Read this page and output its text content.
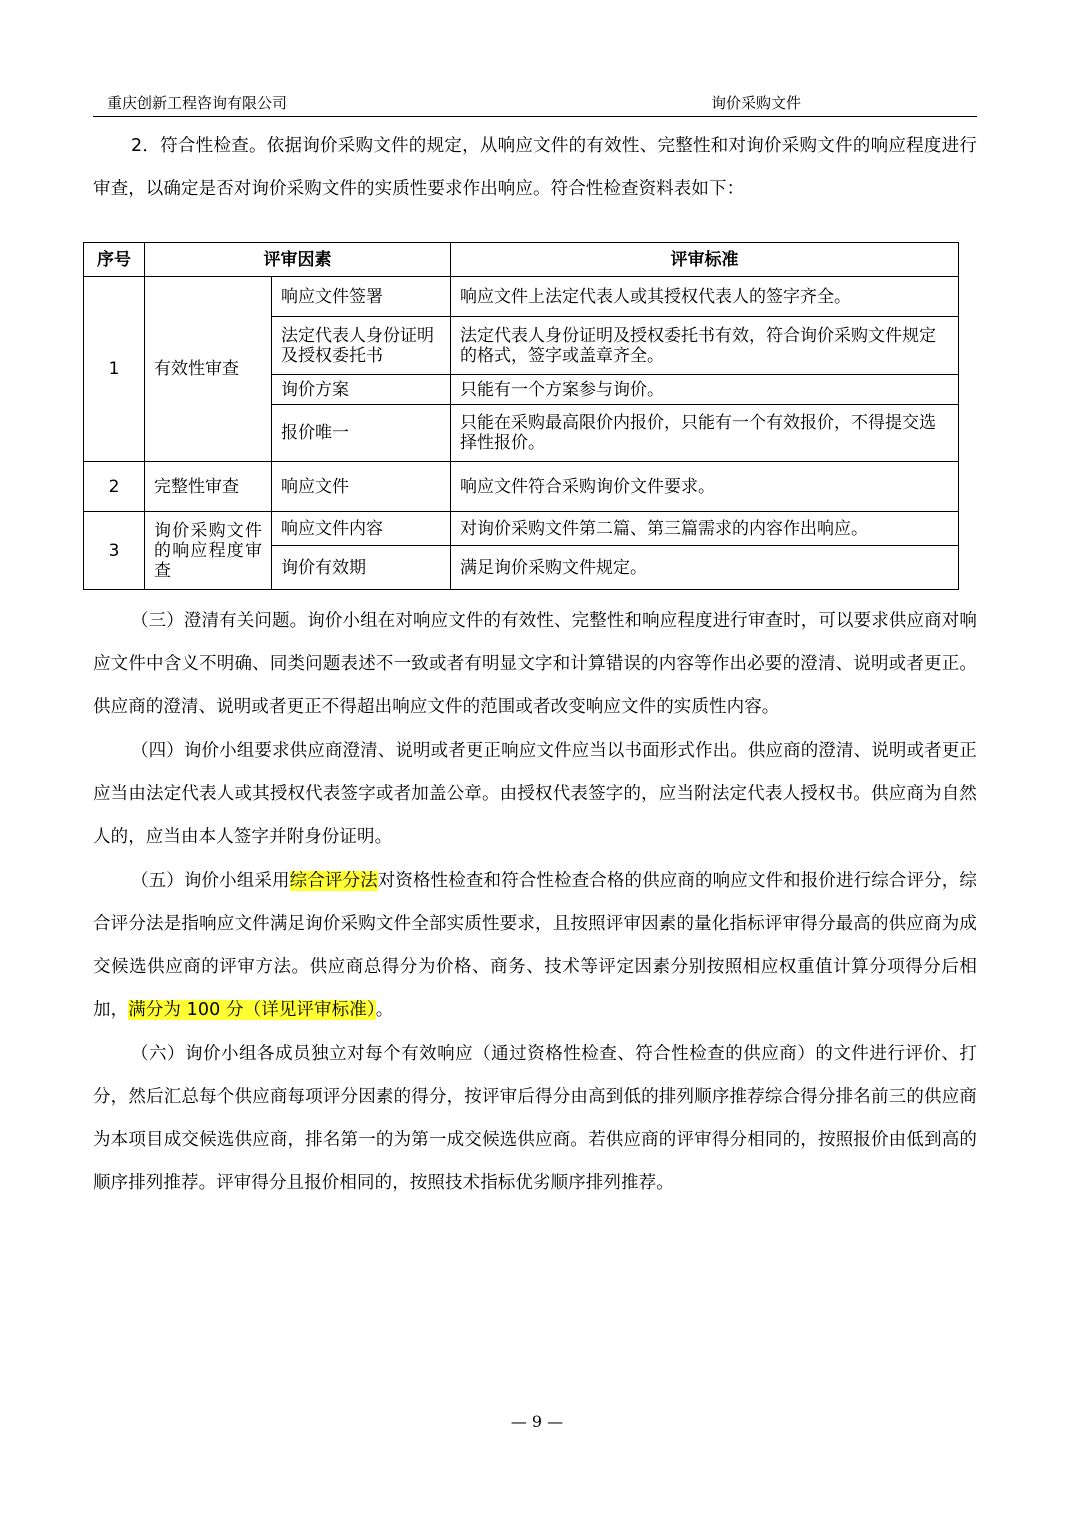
重庆创新工程咨询有限公司	询价采购文件
2．符合性检查。依据询价采购文件的规定，从响应文件的有效性、完整性和对询价采购文件的响应程度进行审查，以确定是否对询价采购文件的实质性要求作出响应。符合性检查资料表如下：
序号	评审因素		评审标准
1	有效性审查	响应文件签署	响应文件上法定代表人或其授权代表人的签字齐全。
		法定代表人身份证明及授权委托书	法定代表人身份证明及授权委托书有效，符合询价采购文件规定的格式，签字或盖章齐全。
		询价方案	只能有一个方案参与询价。
		报价唯一	只能在采购最高限价内报价，只能有一个有效报价，不得提交选择性报价。
2	完整性审查	响应文件	响应文件符合采购询价文件要求。
3	询价采购文件的响应程度审查	响应文件内容	对询价采购文件第二篇、第三篇需求的内容作出响应。
		询价有效期	满足询价采购文件规定。
（三）澄清有关问题。询价小组在对响应文件的有效性、完整性和响应程度进行审查时，可以要求供应商对响应文件中含义不明确、同类问题表述不一致或者有明显文字和计算错误的内容等作出必要的澄清、说明或者更正。供应商的澄清、说明或者更正不得超出响应文件的范围或者改变响应文件的实质性内容。
（四）询价小组要求供应商澄清、说明或者更正响应文件应当以书面形式作出。供应商的澄清、说明或者更正应当由法定代表人或其授权代表签字或者加盖公章。由授权代表签字的，应当附法定代表人授权书。供应商为自然人的，应当由本人签字并附身份证明。
（五）询价小组采用综合评分法对资格性检查和符合性检查合格的供应商的响应文件和报价进行综合评分，综合评分法是指响应文件满足询价采购文件全部实质性要求，且按照评审因素的量化指标评审得分最高的供应商为成交候选供应商的评审方法。供应商总得分为价格、商务、技术等评定因素分别按照相应权重值计算分项得分后相加，满分为 100 分（详见评审标准）。
（六）询价小组各成员独立对每个有效响应（通过资格性检查、符合性检查的供应商）的文件进行评价、打分，然后汇总每个供应商每项评分因素的得分，按评审后得分由高到低的排列顺序推荐综合得分排名前三的供应商为本项目成交候选供应商，排名第一的为第一成交候选供应商。若供应商的评审得分相同的，按照报价由低到高的顺序排列推荐。评审得分且报价相同的，按照技术指标优劣顺序排列推荐。
— 9 —
